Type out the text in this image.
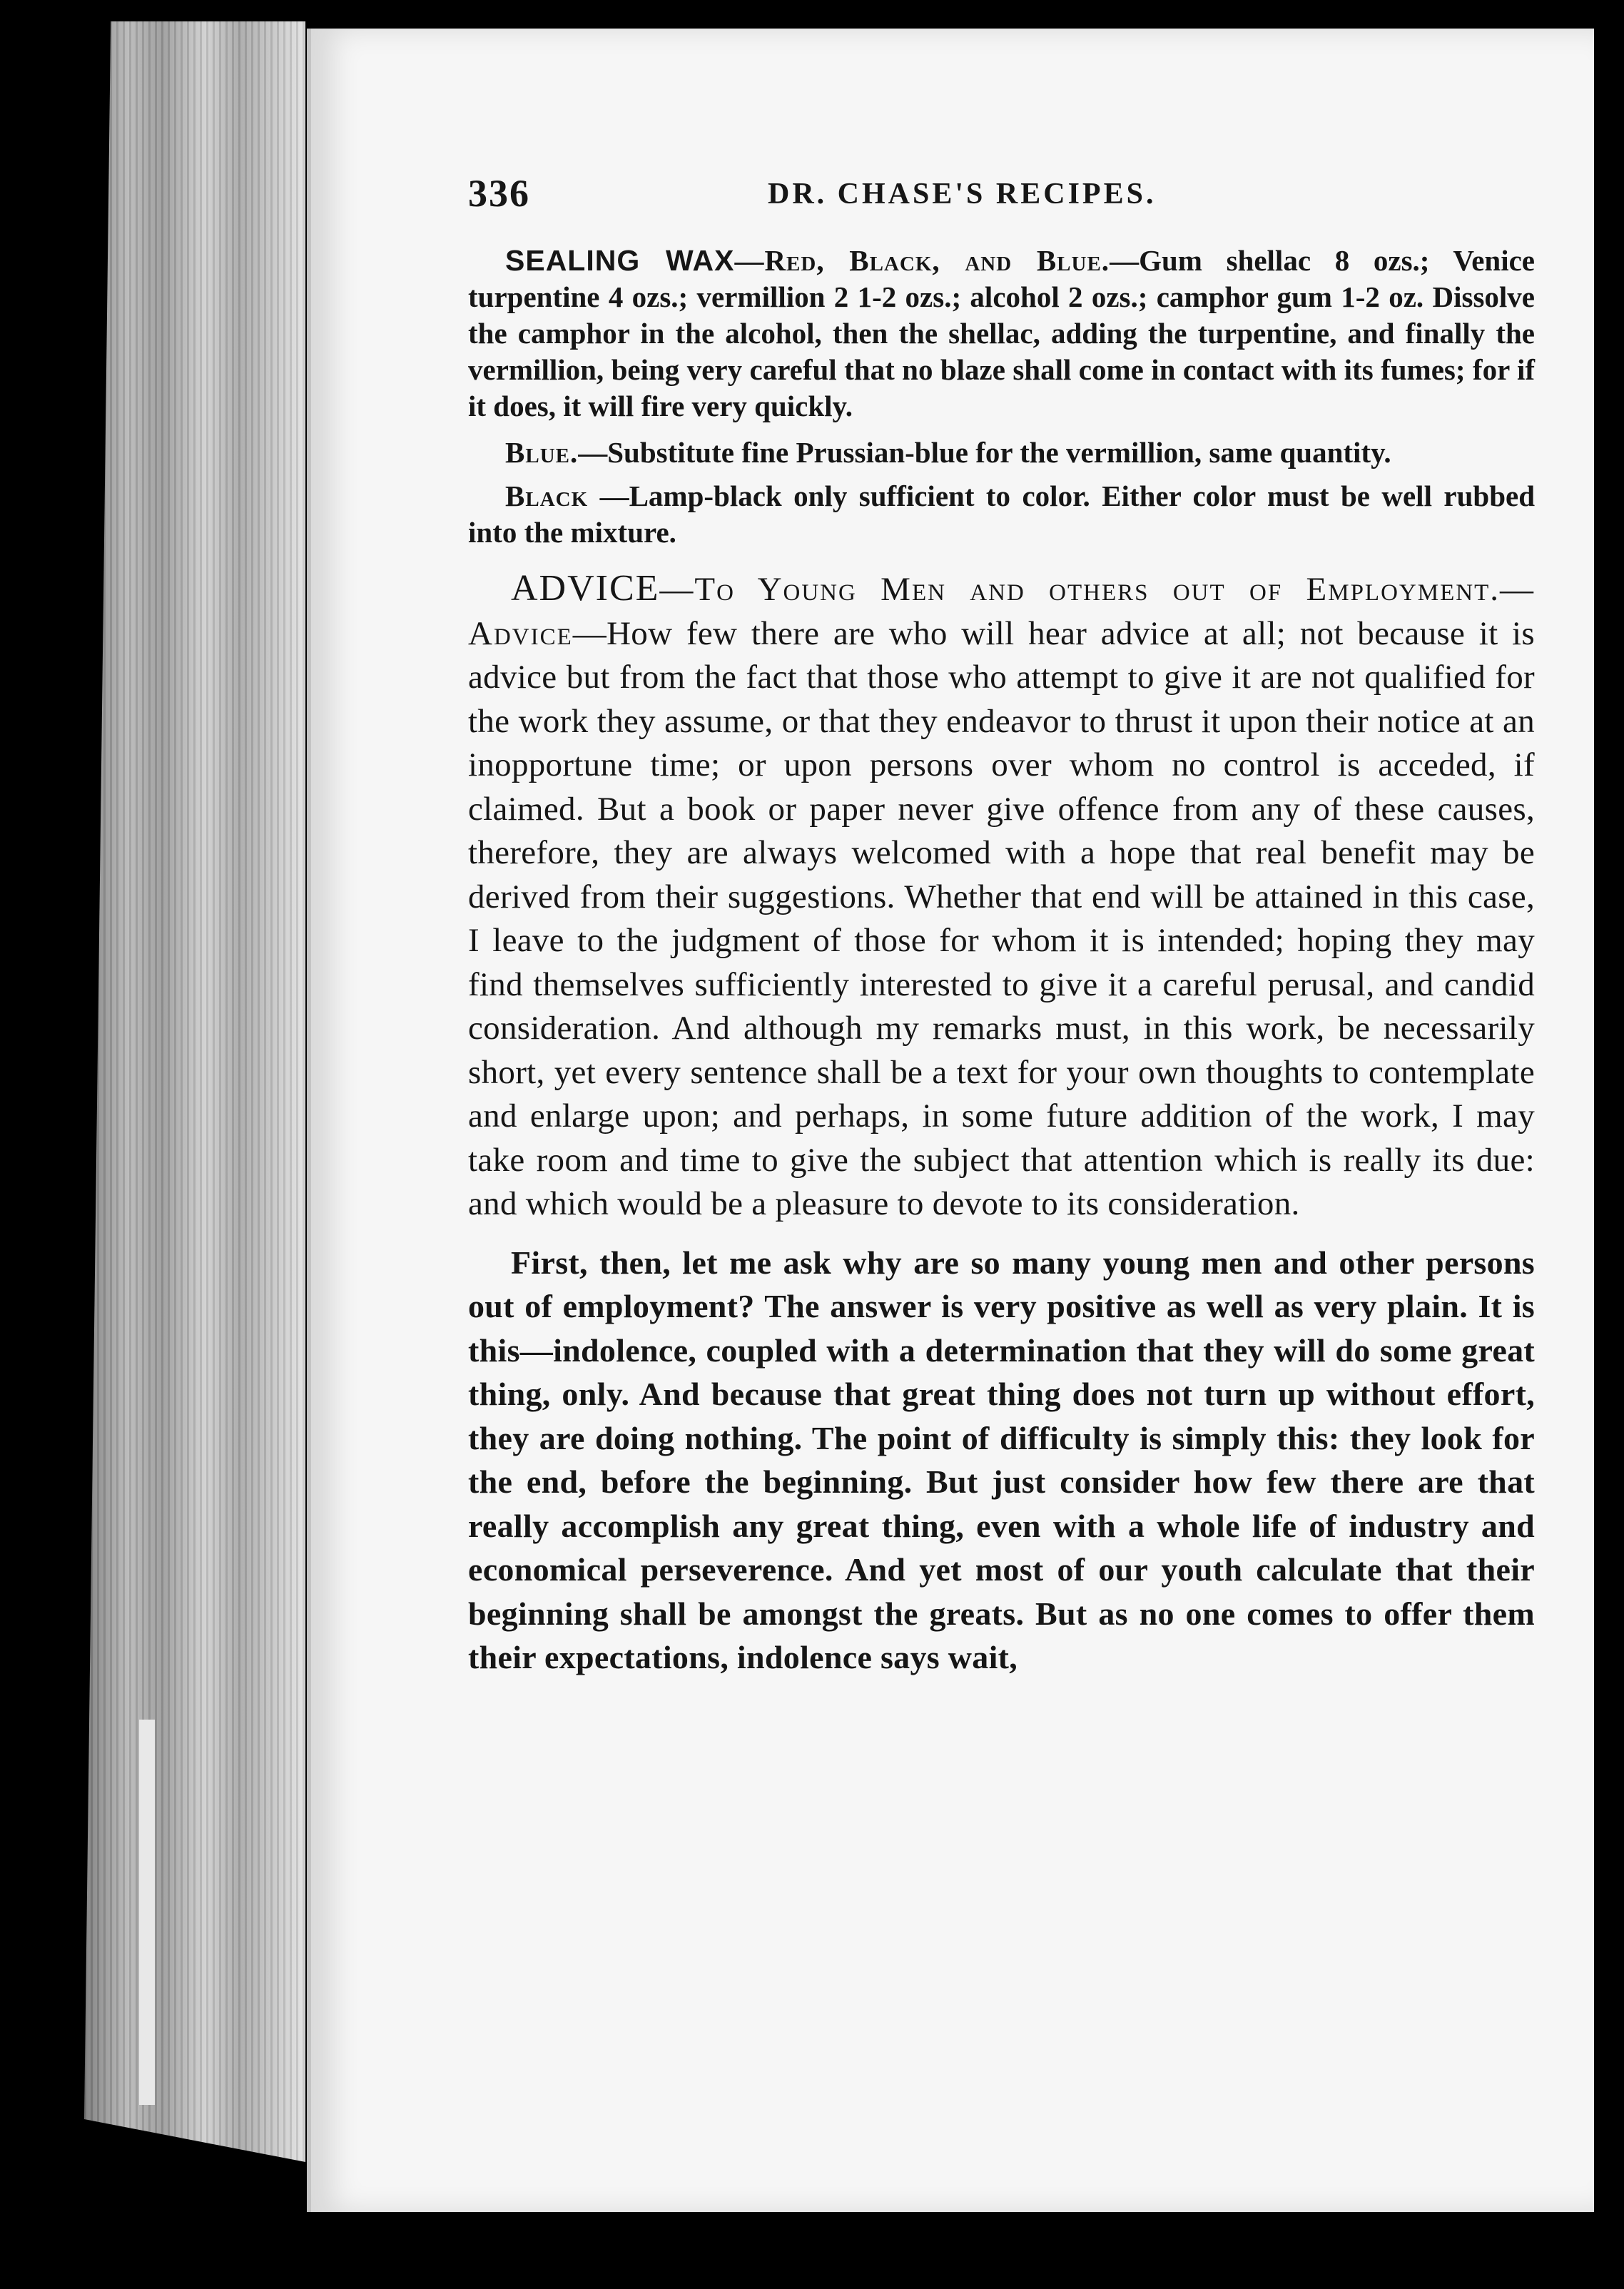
336	DR. CHASE'S RECIPES.

SEALING WAX—Red, Black, and Blue.—Gum shellac 8 ozs.; Venice turpentine 4 ozs.; vermillion 2 1-2 ozs.; alcohol 2 ozs.; camphor gum 1-2 oz. Dissolve the camphor in the alcohol, then the shellac, adding the turpentine, and finally the vermillion, being very careful that no blaze shall come in contact with its fumes; for if it does, it will fire very quickly.

Blue.—Substitute fine Prussian-blue for the vermillion, same quantity.

Black —Lamp-black only sufficient to color. Either color must be well rubbed into the mixture.

ADVICE—To Young Men and others out of Employment.—Advice—How few there are who will hear advice at all; not because it is advice but from the fact that those who attempt to give it are not qualified for the work they assume, or that they endeavor to thrust it upon their notice at an inopportune time; or upon persons over whom no control is acceded, if claimed. But a book or paper never give offence from any of these causes, therefore, they are always welcomed with a hope that real benefit may be derived from their suggestions. Whether that end will be attained in this case, I leave to the judgment of those for whom it is intended; hoping they may find themselves sufficiently interested to give it a careful perusal, and candid consideration. And although my remarks must, in this work, be necessarily short, yet every sentence shall be a text for your own thoughts to contemplate and enlarge upon; and perhaps, in some future addition of the work, I may take room and time to give the subject that attention which is really its due: and which would be a pleasure to devote to its consideration.

First, then, let me ask why are so many young men and other persons out of employment? The answer is very positive as well as very plain. It is this—indolence, coupled with a determination that they will do some great thing, only. And because that great thing does not turn up without effort, they are doing nothing. The point of difficulty is simply this: they look for the end, before the beginning. But just consider how few there are that really accomplish any great thing, even with a whole life of industry and economical perseverence. And yet most of our youth calculate that their beginning shall be amongst the greats. But as no one comes to offer them their expectations, indolence says wait,
